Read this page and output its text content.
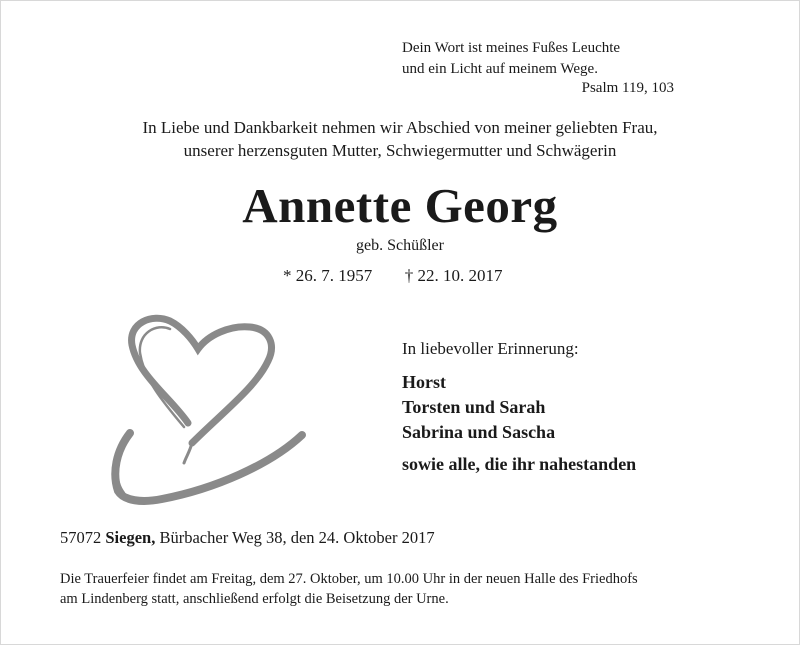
Dein Wort ist meines Fußes Leuchte
und ein Licht auf meinem Wege.
Psalm 119, 103
In Liebe und Dankbarkeit nehmen wir Abschied von meiner geliebten Frau,
unserer herzensguten Mutter, Schwiegermutter und Schwägerin
Annette Georg
geb. Schüßler
* 26. 7. 1957 † 22. 10. 2017
In liebevoller Erinnerung:
Horst
Torsten und Sarah
Sabrina und Sascha
sowie alle, die ihr nahestanden
57072 Siegen, Bürbacher Weg 38, den 24. Oktober 2017
Die Trauerfeier findet am Freitag, dem 27. Oktober, um 10.00 Uhr in der neuen Halle des Friedhofs
am Lindenberg statt, anschließend erfolgt die Beisetzung der Urne.
